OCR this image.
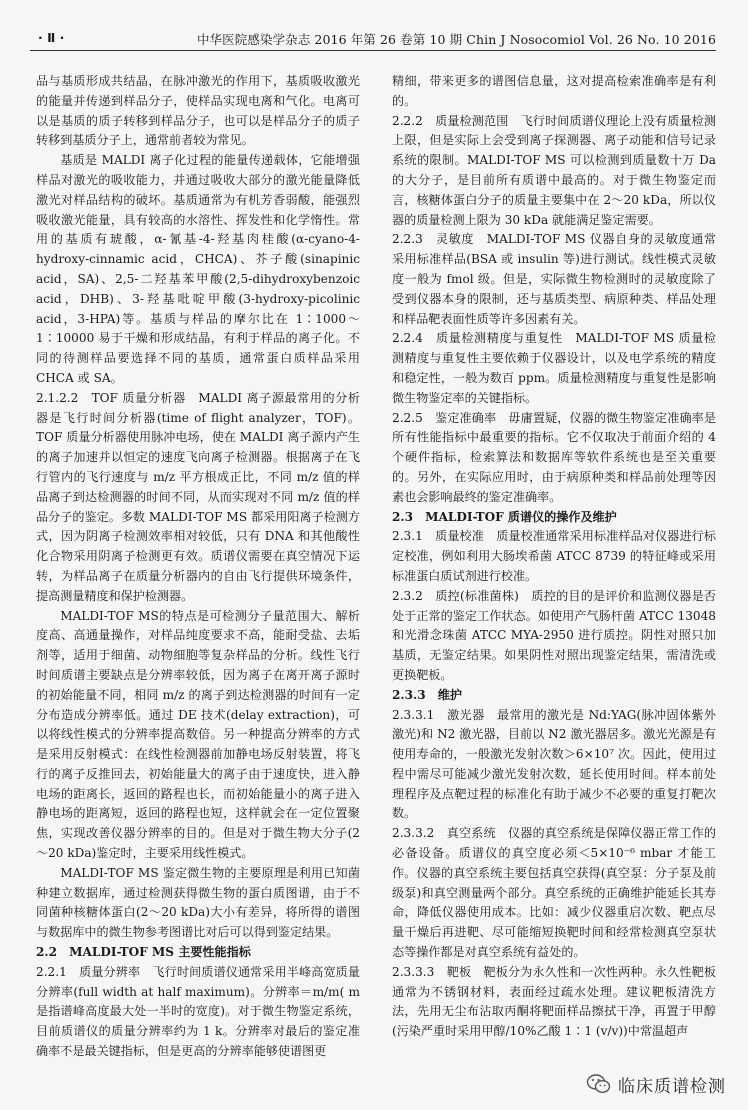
· Ⅱ ·	中华医院感染学杂志 2016 年第 26 卷第 10 期 Chin J Nosocomiol Vol. 26 No. 10 2016

品与基质形成共结晶，在脉冲激光的作用下，基质吸收激光的能量并传递到样品分子，使样品实现电离和气化。电离可以是基质的质子转移到样品分子，也可以是样品分子的质子转移到基质分子上，通常前者较为常见。

基质是 MALDI 离子化过程的能量传递载体，它能增强样品对激光的吸收能力，并通过吸收大部分的激光能量降低激光对样品结构的破坏。基质通常为有机芳香弱酸，能强烈吸收激光能量，具有较高的水溶性、挥发性和化学惰性。常用的基质有琥酸，α-氰基-4-羟基肉桂酸(α-cyano-4-hydroxy-cinnamic acid，CHCA)、芥子酸(sinapinic acid，SA)、2,5-二羟基苯甲酸(2,5-dihydroxybenzoic acid，DHB)、3-羟基吡啶甲酸(3-hydroxy-picolinic acid，3-HPA)等。基质与样品的摩尔比在 1∶1000～1∶10000 易于干燥和形成结晶，有利于样品的离子化。不同的待测样品要选择不同的基质，通常蛋白质样品采用 CHCA 或 SA。

2.1.2.2　TOF 质量分析器　MALDI 离子源最常用的分析器是飞行时间分析器(time of flight analyzer，TOF)。TOF 质量分析器使用脉冲电场，使在 MALDI 离子源内产生的离子加速并以恒定的速度飞向离子检测器。根据离子在飞行管内的飞行速度与 m/z 平方根成正比，不同 m/z 值的样品离子到达检测器的时间不同，从而实现对不同 m/z 值的样品分子的鉴定。多数 MALDI-TOF MS 都采用阳离子检测方式，因为阴离子检测效率相对较低，只有 DNA 和其他酸性化合物采用阴离子检测更有效。质谱仪需要在真空情况下运转，为样品离子在质量分析器内的自由飞行提供环境条件，提高测量精度和保护检测器。

MALDI-TOF MS的特点是可检测分子量范围大、解析度高、高通量操作，对样品纯度要求不高，能耐受盐、去垢剂等，适用于细菌、动物细胞等复杂样品的分析。线性飞行时间质谱主要缺点是分辨率较低，因为离子在离开离子源时的初始能量不同，相同 m/z 的离子到达检测器的时间有一定分布造成分辨率低。通过 DE 技术(delay extraction)，可以将线性模式的分辨率提高数倍。另一种提高分辨率的方式是采用反射模式：在线性检测器前加静电场反射装置，将飞行的离子反推回去，初始能量大的离子由于速度快，进入静电场的距离长，返回的路程也长，而初始能量小的离子进入静电场的距离短，返回的路程也短，这样就会在一定位置聚焦，实现改善仪器分辨率的目的。但是对于微生物大分子(2～20 kDa)鉴定时，主要采用线性模式。

MALDI-TOF MS 鉴定微生物的主要原理是利用已知菌种建立数据库，通过检测获得微生物的蛋白质图谱，由于不同菌种核糖体蛋白(2～20 kDa)大小有差异，将所得的谱图与数据库中的微生物参考图谱比对后可以得到鉴定结果。

2.2　MALDI-TOF MS 主要性能指标

2.2.1　质量分辨率　飞行时间质谱仪通常采用半峰高宽质量分辨率(full width at half maximum)。分辨率＝m/m( m 是指谱峰高度最大处一半时的宽度)。对于微生物鉴定系统，目前质谱仪的质量分辨率约为 1 k。分辨率对最后的鉴定准确率不是最关键指标，但是更高的分辨率能够使谱图更

精细，带来更多的谱图信息量，这对提高检索准确率是有利的。

2.2.2　质量检测范围　飞行时间质谱仪理论上没有质量检测上限，但是实际上会受到离子探测器、离子动能和信号记录系统的限制。MALDI-TOF MS 可以检测到质量数十万 Da 的大分子，是目前所有质谱中最高的。对于微生物鉴定而言，核糖体蛋白分子的质量主要集中在 2～20 kDa，所以仪器的质量检测上限为 30 kDa 就能满足鉴定需要。

2.2.3　灵敏度　MALDI-TOF MS 仪器自身的灵敏度通常采用标准样品(BSA 或 insulin 等)进行测试。线性模式灵敏度一般为 fmol 级。但是，实际微生物检测时的灵敏度除了受到仪器本身的限制，还与基质类型、病原种类、样品处理和样品靶表面性质等许多因素有关。

2.2.4　质量检测精度与重复性　MALDI-TOF MS 质量检测精度与重复性主要依赖于仪器设计，以及电学系统的精度和稳定性，一般为数百 ppm。质量检测精度与重复性是影响微生物鉴定率的关键指标。

2.2.5　鉴定准确率　毋庸置疑，仪器的微生物鉴定准确率是所有性能指标中最重要的指标。它不仅取决于前面介绍的 4 个硬件指标，检索算法和数据库等软件系统也是至关重要的。另外，在实际应用时，由于病原种类和样品前处理等因素也会影响最终的鉴定准确率。

2.3　MALDI-TOF 质谱仪的操作及维护

2.3.1　质量校准　质量校准通常采用标准样品对仪器进行标定校准，例如利用大肠埃希菌 ATCC 8739 的特征峰或采用标准蛋白质试剂进行校准。

2.3.2　质控(标准菌株)　质控的目的是评价和监测仪器是否处于正常的鉴定工作状态。如使用产气肠杆菌 ATCC 13048 和光滑念珠菌 ATCC MYA-2950 进行质控。阴性对照只加基质，无鉴定结果。如果阴性对照出现鉴定结果，需清洗或更换靶板。

2.3.3　维护

2.3.3.1　激光器　最常用的激光是 Nd:YAG(脉冲固体紫外激光)和 N2 激光器，目前以 N2 激光器居多。激光光源是有使用寿命的，一般激光发射次数＞6×10⁷ 次。因此，使用过程中需尽可能减少激光发射次数，延长使用时间。样本前处理程序及点靶过程的标准化有助于减少不必要的重复打靶次数。

2.3.3.2　真空系统　仪器的真空系统是保障仪器正常工作的必备设备。质谱仪的真空度必须＜5×10⁻⁶ mbar 才能工作。仪器的真空系统主要包括真空获得(真空泵：分子泵及前级泵)和真空测量两个部分。真空系统的正确维护能延长其寿命，降低仪器使用成本。比如：减少仪器重启次数、靶点尽量干燥后再进靶、尽可能缩短换靶时间和经常检测真空泵状态等操作都是对真空系统有益处的。

2.3.3.3　靶板　靶板分为永久性和一次性两种。永久性靶板通常为不锈钢材料，表面经过疏水处理。建议靶板清洗方法，先用无尘布沾取丙酮将靶面样品擦拭干净，再置于甲醇(污染严重时采用甲醇/10%乙酸 1∶1 (v/v))中常温超声

临床质谱检测
